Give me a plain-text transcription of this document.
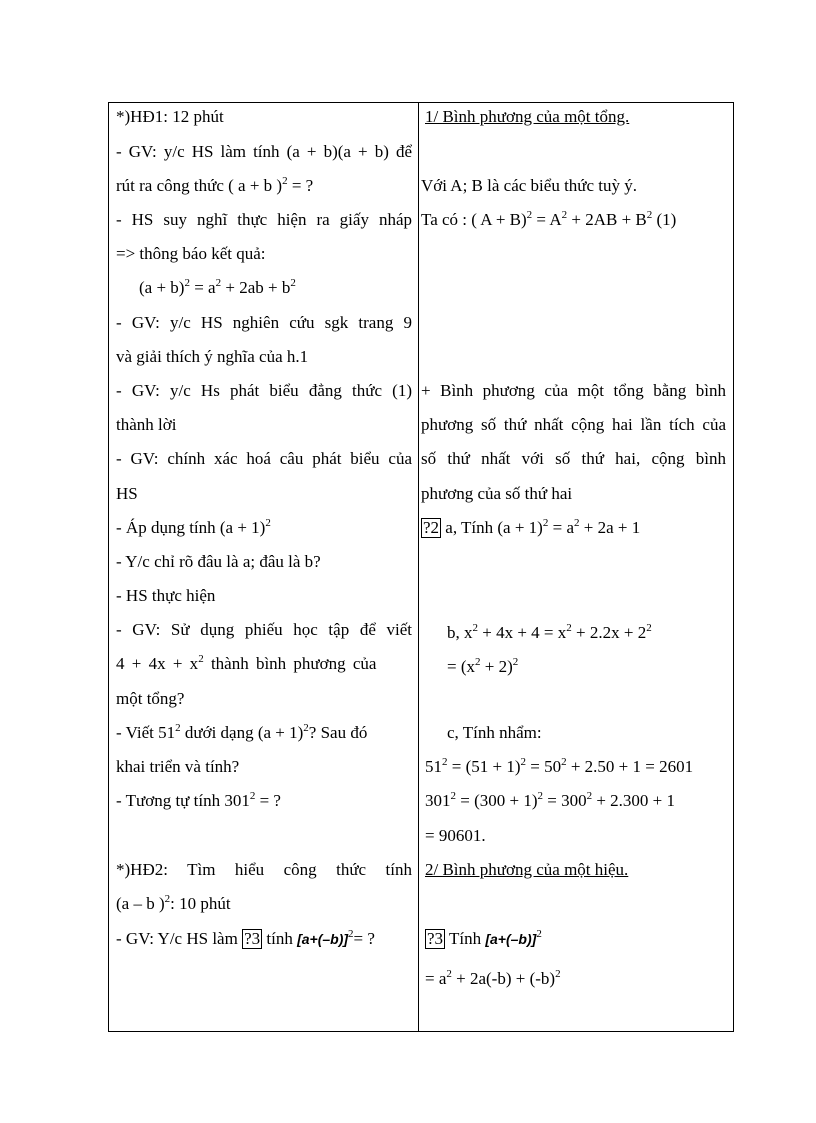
*)HĐ1: 12 phút
- GV: y/c HS làm tính (a + b)(a + b) để
rút ra công thức ( a + b )$^2$ = ?
- HS suy nghĩ thực hiện ra giấy nháp
=> thông báo kết quả:
$(a + b)^2 = a^2 + 2ab + b^2$
- GV: y/c HS nghiên cứu sgk trang 9
và giải thích ý nghĩa của h.1
- GV: y/c Hs phát biểu đẳng thức (1)
thành lời
- GV: chính xác hoá câu phát biểu của
HS
- Áp dụng tính $(a + 1)^2$
- Y/c chỉ rõ đâu là a; đâu là b?
- HS thực hiện
- GV: Sử dụng phiếu học tập để viết
$4 + 4x + x^2$ thành bình phương của
một tổng?
- Viết $51^2$ dưới dạng $(a + 1)^2$? Sau đó
khai triển và tính?
- Tương tự tính $301^2$ = ?
*)HĐ2: Tìm hiểu công thức tính
(a – b )$^2$: 10 phút
- GV: Y/c HS làm ?3 tính $[a+(-b)]^2=$ ?
1/ Bình phương của một tổng.
Với A; B là các biểu thức tuỳ ý.
Ta có : ( $A + B)^2 = A^2 + 2AB + B^2$ (1)
+ Bình phương của một tổng bằng bình
phương số thứ nhất cộng hai lần tích của
số thứ nhất với số thứ hai, cộng bình
phương của số thứ hai
?2 a, Tính $(a + 1)^2 = a^2 + 2a + 1$
b, $x^2 + 4x + 4 = x^2 + 2.2x + 2^2$
= $(x^2 + 2)^2$
c, Tính nhẩm:
$51^2 = (51 + 1)^2 = 50^2 + 2.50 + 1 = 2601$
$301^2 = (300 + 1)^2 = 300^2 + 2.300 + 1$
= 90601.
2/ Bình phương của một hiệu.
?3 Tính $[a+(-b)]^2$
= $a^2 + 2a(-b) + (-b)^2$
